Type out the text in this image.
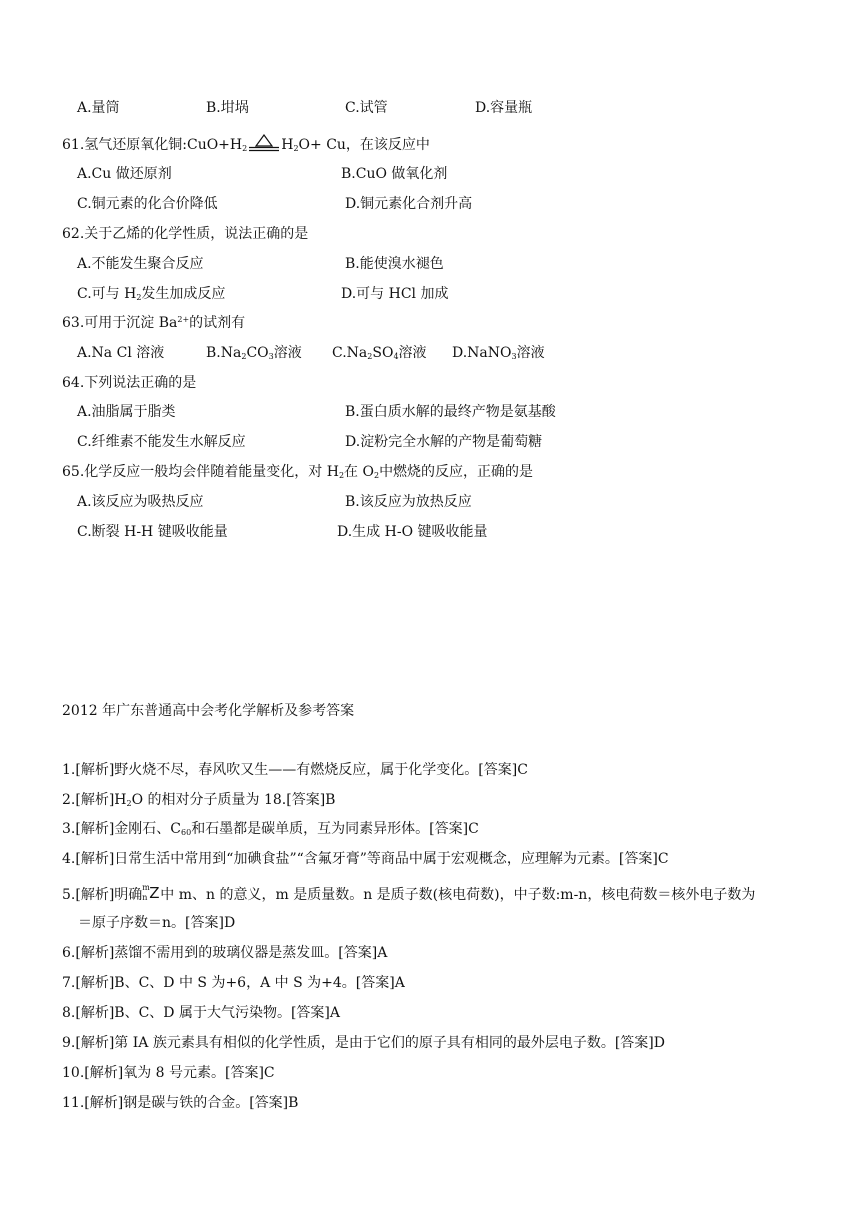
A.量筒	B.坩埚	C.试管	D.容量瓶
61.氢气还原氧化铜$:CuO+H_2$ $H_2O+ Cu$，在该反应中
A.Cu 做还原剂	B.CuO 做氧化剂
C.铜元素的化合价降低	D.铜元素化合剂升高
62.关于乙烯的化学性质，说法正确的是
A.不能发生聚合反应	B.能使溴水褪色
C.可与 $H_2$发生加成反应	D.可与 HCl 加成
63.可用于沉淀 $Ba^{2+}$的试剂有
A.Na Cl 溶液	$B.Na_2CO_3$溶液 $C.Na_2SO_4$溶液 D.NaNO$_3$溶液
64.下列说法正确的是
A.油脂属于脂类	B.蛋白质水解的最终产物是氨基酸
C.纤维素不能发生水解反应	D.淀粉完全水解的产物是葡萄糖
65.化学反应一般均会伴随着能量变化，对 $H_2$在 $O_2$中燃烧的反应，正确的是
A.该反应为吸热反应	B.该反应为放热反应
C.断裂 H-H 键吸收能量	D.生成 H-O 键吸收能量
2012 年广东普通高中会考化学解析及参考答案
1.[解析]野火烧不尽，春风吹又生——有燃烧反应，属于化学变化。[答案]C
2.[解析]$H_2O$ 的相对分子质量为 18.[答案]B
3.[解析]金刚石、$C_{60}$和石墨都是碳单质，互为同素异形体。[答案]C
4.[解析]日常生活中常用到“加碘食盐”“含氟牙膏”等商品中属于宏观概念，应理解为元素。[答案]C
5.[解析]明确 m
n Z 中 m、n 的意义，m 是质量数。n 是质子数(核电荷数)，中子数:m-n，核电荷数＝核外电子数为
＝原子序数＝n。[答案]D
6.[解析]蒸馏不需用到的玻璃仪器是蒸发皿。[答案]A
7.[解析]B、C、D 中 S 为+6，A 中 S 为+4。[答案]A
8.[解析]B、C、D 属于大气污染物。[答案]A
9.[解析]第 IA 族元素具有相似的化学性质，是由于它们的原子具有相同的最外层电子数。[答案]D
10.[解析]氧为 8 号元素。[答案]C
11.[解析]钢是碳与铁的合金。[答案]B
